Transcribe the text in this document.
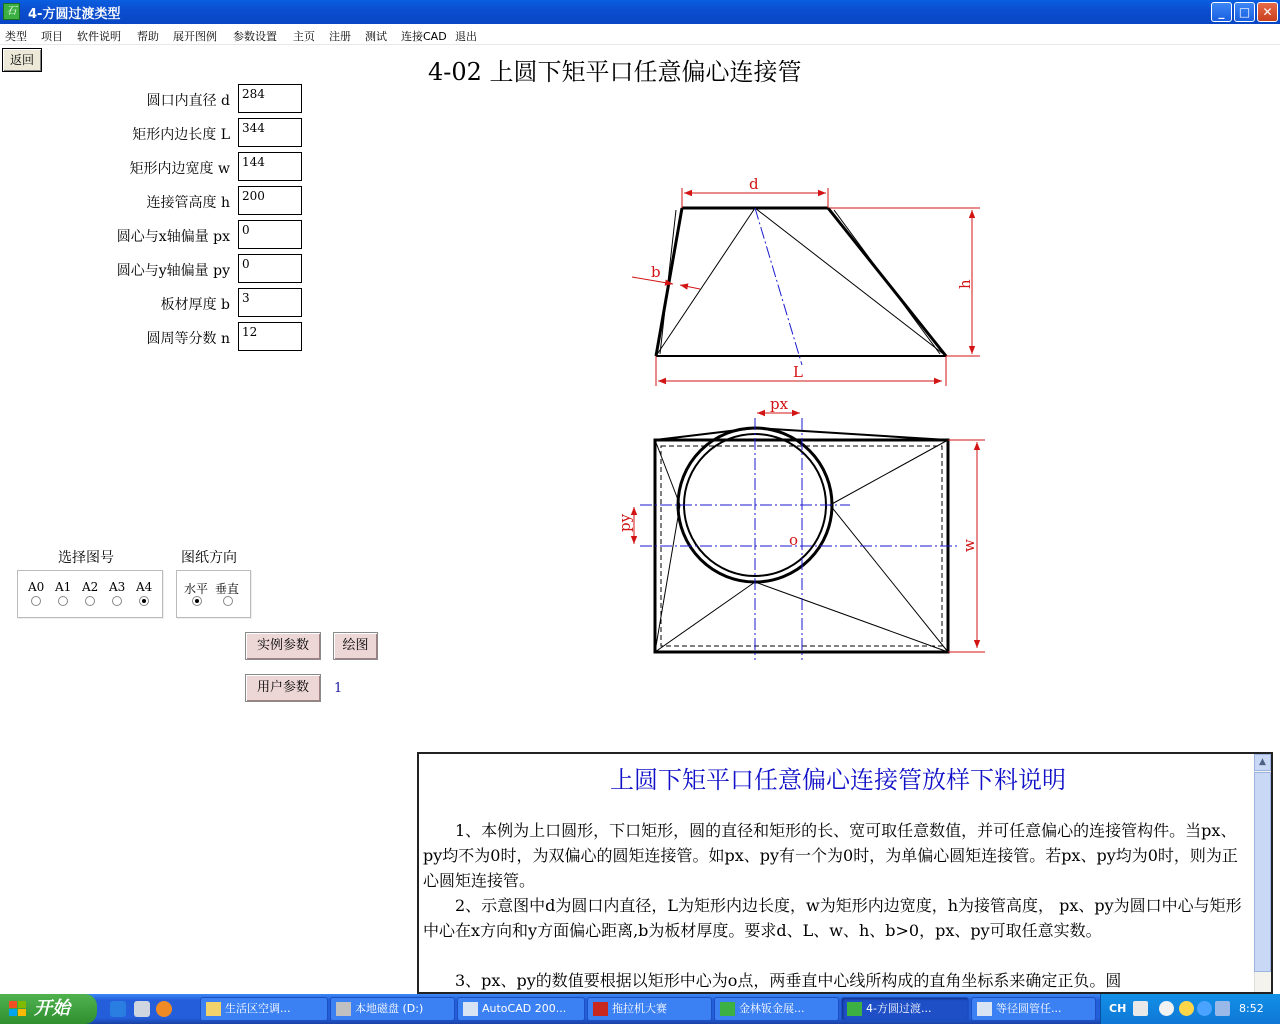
⽯ 4-方圆过渡类型	_	□	✕
类型 项目 软件说明 帮助 展开图例 参数设置 主页 注册 测试 连接CAD 退出
返回	4-02 上圆下矩平口任意偏心连接管
圆口内直径 d	284
矩形内边长度 L	344
矩形内边宽度 w	144
连接管高度 h	200
圆心与x轴偏量 px	0
圆心与y轴偏量 py	0
板材厚度 b	3
圆周等分数 n	12
选择图号
A0 A1 A2 A3 A4
图纸方向
水平 垂直
实例参数	绘图
用户参数	1
d
h
b
L
px
py
o	w
上圆下矩平口任意偏心连接管放样下料说明
1、本例为上口圆形，下口矩形，圆的直径和矩形的长、宽可取任意数值，并可任意偏心的连接管构件。当px、py均不为0时，为双偏心的圆矩连接管。如px、py有一个为0时，为单偏心圆矩连接管。若px、py均为0时，则为正心圆矩连接管。
2、示意图中d为圆口内直径，L为矩形内边长度，w为矩形内边宽度，h为接管高度， px、py为圆口中心与矩形中心在x方向和y方面偏心距离,b为板材厚度。要求d、L、w、h、b>0，px、py可取任意实数。
3、px、py的数值要根据以矩形中心为o点，两垂直中心线所构成的直角坐标系来确定正负。圆
▲
开始	生活区空调...	本地磁盘 (D:)	AutoCAD 200...	拖拉机大赛	金林钣金展...	4-方圆过渡...	等径圆管任...	CH	8:52
